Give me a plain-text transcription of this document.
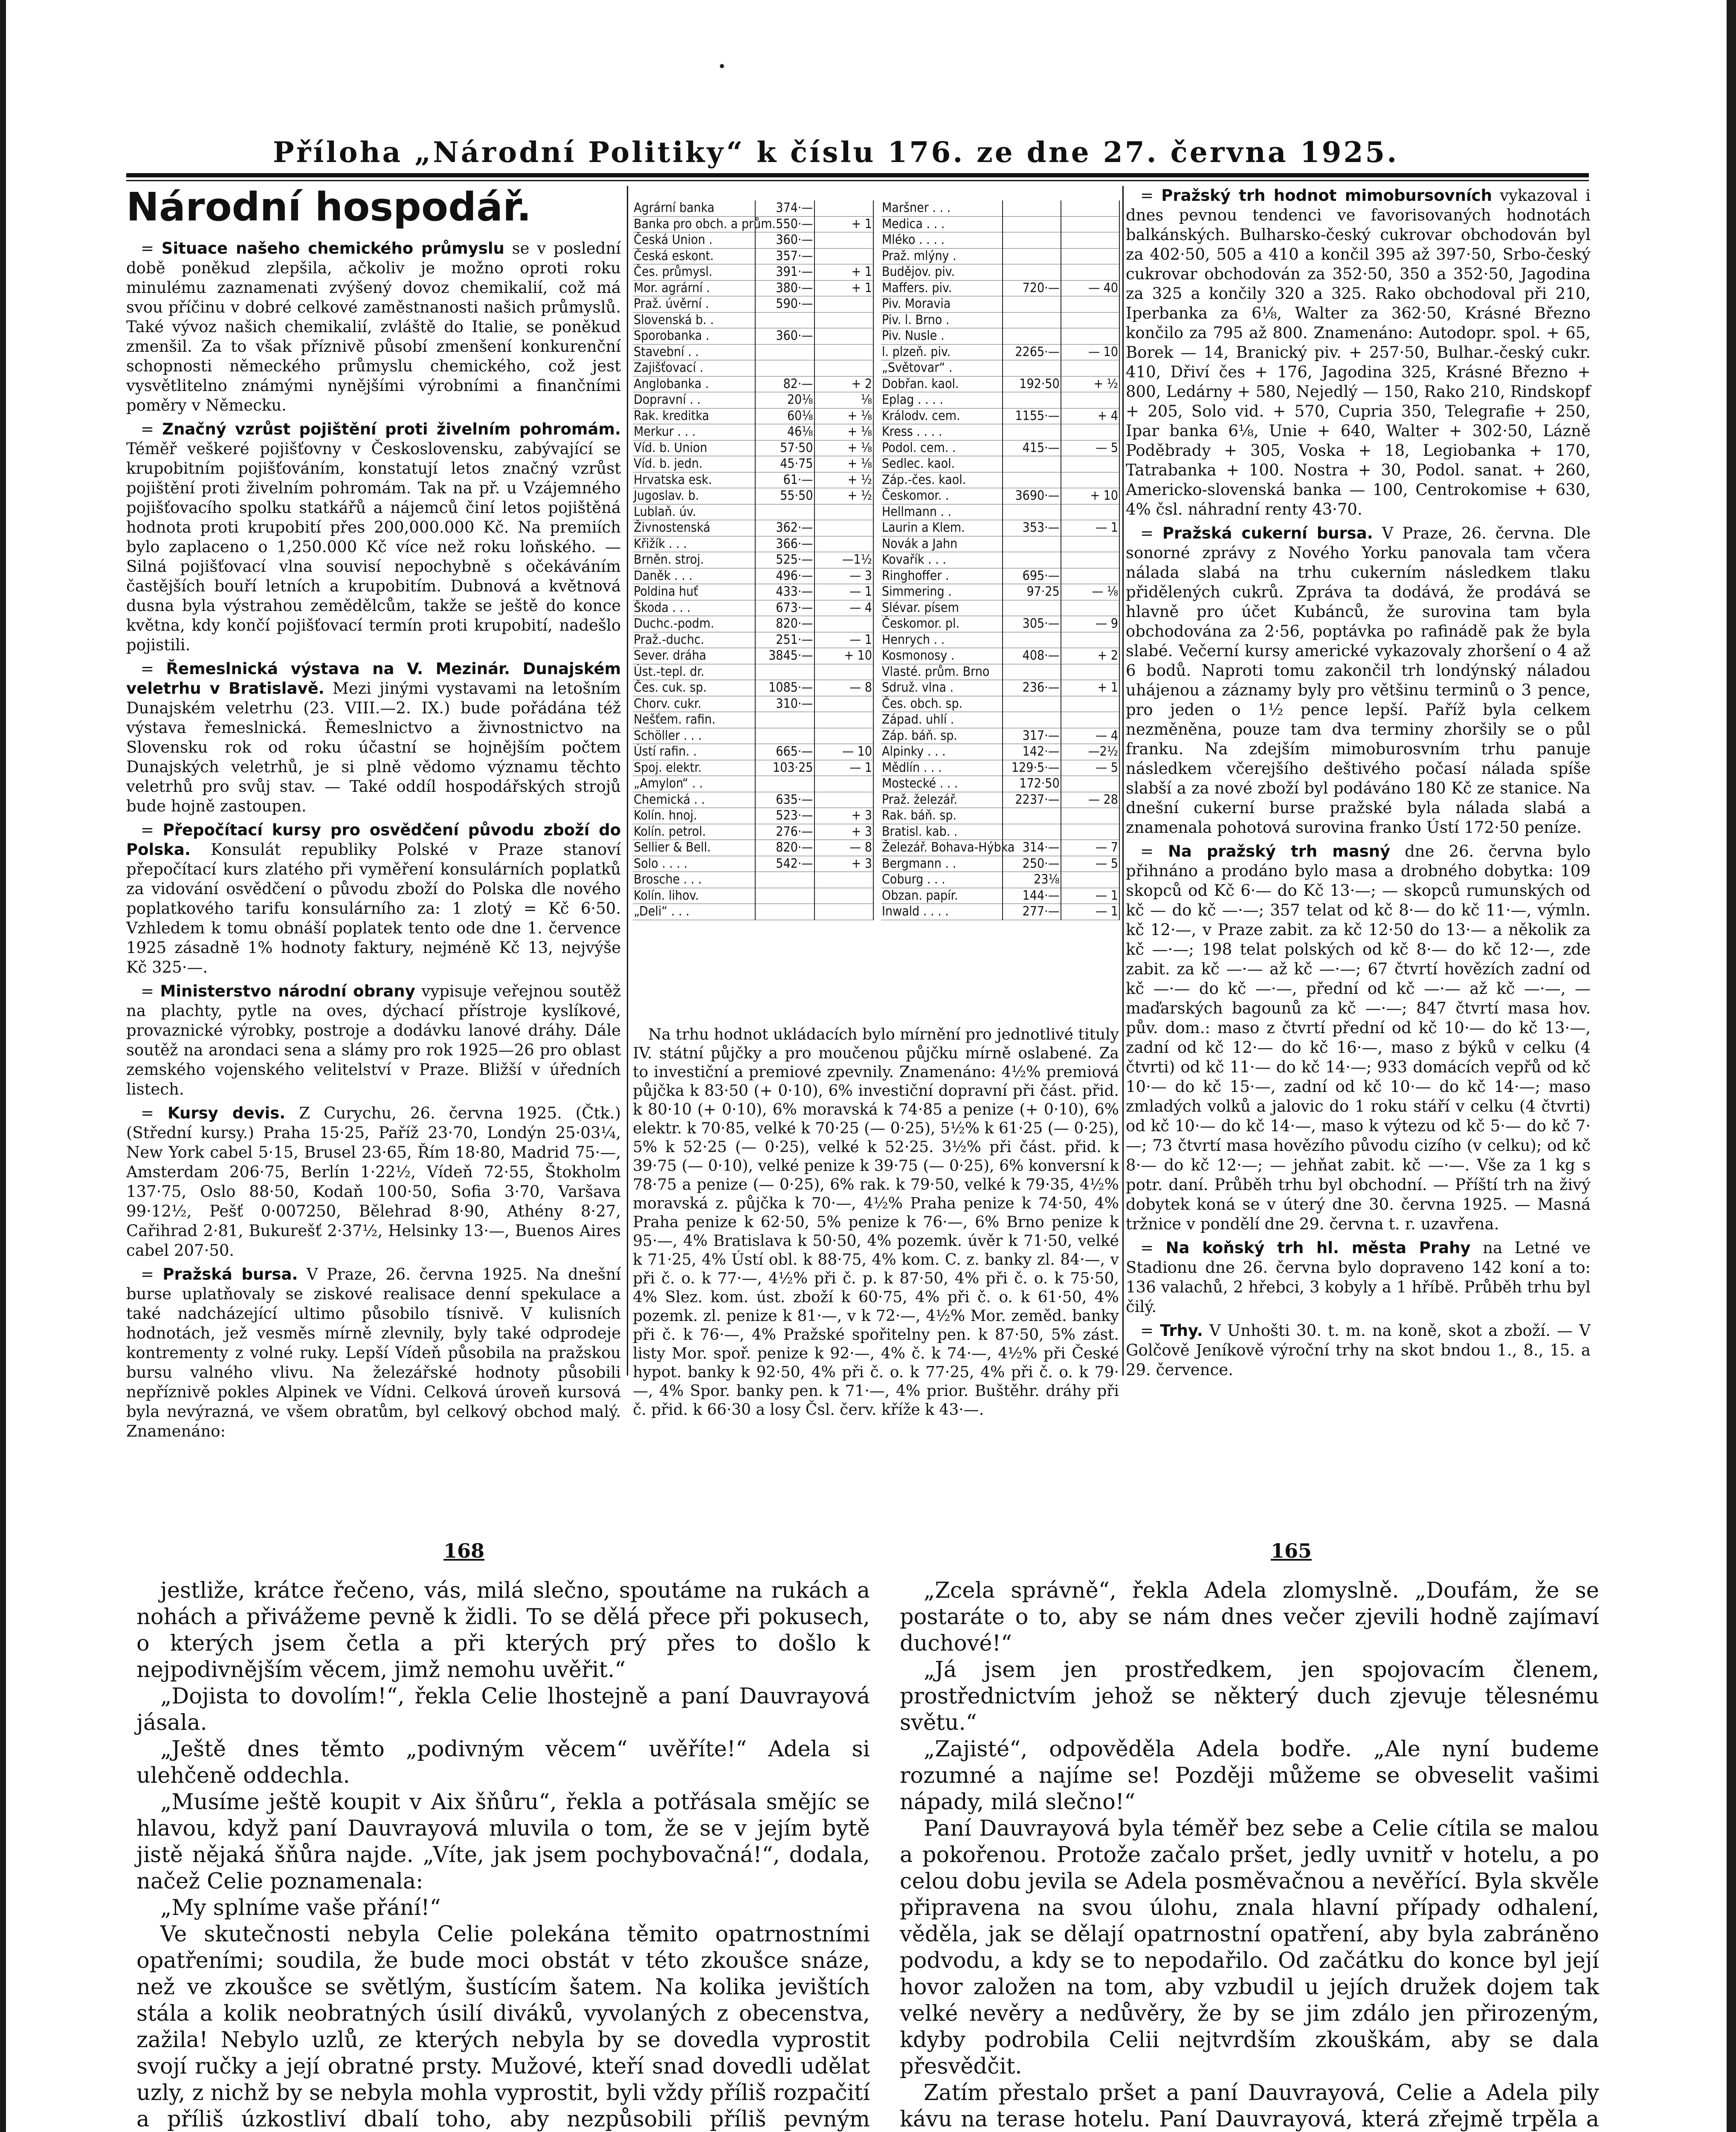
Příloha „Národní Politiky“ k číslu 176. ze dne 27. června 1925.
Národní hospodář.

= Situace našeho chemického průmyslu se v poslední době poněkud zlepšila, ačkoliv je možno oproti roku minulému zaznamenati zvýšený dovoz chemikalií, což má svou příčinu v dobré celkové zaměstnanosti našich průmyslů. Také vývoz našich chemikalií, zvláště do Italie, se poněkud zmenšil. Za to však příznivě působí zmenšení konkurenční schopnosti německého průmyslu chemického, což jest vysvětlitelno známými nynějšími výrobními a finančními poměry v Německu.

= Značný vzrůst pojištění proti živelním pohromám. Téměř veškeré pojišťovny v Československu, zabývající se krupobitním pojišťováním, konstatují letos značný vzrůst pojištění proti živelním pohromám. Tak na př. u Vzájemného pojišťovacího spolku statkářů a nájemců činí letos pojištěná hodnota proti krupobití přes 200,000.000 Kč. Na premiích bylo zaplaceno o 1,250.000 Kč více než roku loňského. — Silná pojišťovací vlna souvisí nepochybně s očekáváním častějších bouří letních a krupobitím. Dubnová a květnová dusna byla výstrahou zemědělcům, takže se ještě do konce května, kdy končí pojišťovací termín proti krupobití, nadešlo pojistili.

= Řemeslnická výstava na V. Mezinár. Dunajském veletrhu v Bratislavě. Mezi jinými vystavami na letošním Dunajském veletrhu (23. VIII.—2. IX.) bude pořádána též výstava řemeslnická. Řemeslnictvo a živnostnictvo na Slovensku rok od roku účastní se hojnějším počtem Dunajských veletrhů, je si plně vědomo významu těchto veletrhů pro svůj stav. — Také oddíl hospodářských strojů bude hojně zastoupen.

= Přepočítací kursy pro osvědčení původu zboží do Polska. Konsulát republiky Polské v Praze stanoví přepočítací kurs zlatého při vyměření konsulárních poplatků za vidování osvědčení o původu zboží do Polska dle nového poplatkového tarifu konsulárního za: 1 zlotý = Kč 6·50. Vzhledem k tomu obnáší poplatek tento ode dne 1. července 1925 zásadně 1% hodnoty faktury, nejméně Kč 13, nejvýše Kč 325·—.

= Ministerstvo národní obrany vypisuje veřejnou soutěž na plachty, pytle na oves, dýchací přístroje kyslíkové, provaznické výrobky, postroje a dodávku lanové dráhy. Dále soutěž na arondaci sena a slámy pro rok 1925—26 pro oblast zemského vojenského velitelství v Praze. Bližší v úředních listech.

= Kursy devis. Z Curychu, 26. června 1925. (Čtk.) (Střední kursy.) Praha 15·25, Paříž 23·70, Londýn 25·03¼, New York cabel 5·15, Brusel 23·65, Řím 18·80, Madrid 75·—, Amsterdam 206·75, Berlín 1·22½, Vídeň 72·55, Štokholm 137·75, Oslo 88·50, Kodaň 100·50, Sofia 3·70, Varšava 99·12½, Pešť 0·007250, Bělehrad 8·90, Athény 8·27, Cařihrad 2·81, Bukurešť 2·37½, Helsinky 13·—, Buenos Aires cabel 207·50.

= Pražská bursa. V Praze, 26. června 1925. Na dnešní burse uplatňovaly se ziskové realisace denní spekulace a také nadcházející ultimo působilo tísnivě. V kulisních hodnotách, jež vesměs mírně zlevnily, byly také odprodeje kontrementy z volné ruky. Lepší Vídeň působila na pražskou bursu valného vlivu. Na železářské hodnoty působili nepříznivě pokles Alpinek ve Vídni. Celková úroveň kursová byla nevýrazná, ve všem obratům, byl celkový obchod malý. Znamenáno:

Agrární banka	374·—	
Banka pro obch. a prům.	550·—	+ 1
Česká Union .	360·—	
Česká eskont.	357·—	
Čes. průmysl.	391·—	+ 1
Mor. agrární .	380·—	+ 1
Praž. úvěrní .	590·—	
Slovenská b. .		
Sporobanka .	360·—	
Stavební . .		
Zajišťovací .		
Anglobanka .	82·—	+ 2
Dopravní . .	20⅛	⅛
Rak. kreditka	60⅛	+ ⅛
Merkur . . .	46⅛	+ ⅛
Víd. b. Union	57·50	+ ⅛
Víd. b. jedn.	45·75	+ ⅛
Hrvatska esk.	61·—	+ ½
Jugoslav. b.	55·50	+ ½
Lublaň. úv.		
Živnostenská	362·—	
Křižík . . .	366·—	
Brněn. stroj.	525·—	—1½
Daněk . . .	496·—	— 3
Poldina huť	433·—	— 1
Škoda . . .	673·—	— 4
Duchc.-podm.	820·—	
Praž.-duchc.	251·—	— 1
Sever. dráha	3845·—	+ 10
Úst.-tepl. dr.		
Čes. cuk. sp.	1085·—	— 8
Chorv. cukr.	310·—	
Nešťem. rafin.		
Schöller . . .		
Ústí rafin. .	665·—	— 10
Spoj. elektr.	103·25	— 1
„Amylon“ . .		
Chemická . .	635·—	
Kolín. hnoj.	523·—	+ 3
Kolín. petrol.	276·—	+ 3
Sellier & Bell.	820·—	— 8
Solo . . . .	542·—	+ 3
Brosche . . .		
Kolín. lihov.		
„Deli“ . . .		
Maršner . . .		
Medica . . .		
Mléko . . . .		
Praž. mlýny .		
Budějov. piv.		
Maffers. piv.	720·—	— 40
Piv. Moravia		
Piv. l. Brno .		
Piv. Nusle .		
l. plzeň. piv.	2265·—	— 10
„Světovar“ .		
Dobřan. kaol.	192·50	+ ½
Eplag . . . .		
Králodv. cem.	1155·—	+ 4
Kress . . . .		
Podol. cem. .	415·—	— 5
Sedlec. kaol.		
Záp.-čes. kaol.		
Českomor. .	3690·—	+ 10
Hellmann . .		
Laurin a Klem.	353·—	— 1
Novák a Jahn		
Kovařík . . .		
Ringhoffer .	695·—	
Simmering .	97·25	— ⅛
Slévar. písem		
Českomor. pl.	305·—	— 9
Henrych . .		
Kosmonosy .	408·—	+ 2
Vlasté. prům. Brno		
Sdruž. vlna .	236·—	+ 1
Čes. obch. sp.		
Západ. uhlí .		
Záp. báň. sp.	317·—	— 4
Alpinky . . .	142·—	—2½
Mědlín . . .	129·5·—	— 5
Mostecké . . .	172·50	
Praž. železář.	2237·—	— 28
Rak. báň. sp.		
Bratisl. kab. .		
Železář. Bohava-Hýbka	314·—	— 7
Bergmann . .	250·—	— 5
Coburg . . .	23⅛	
Obzan. papír.	144·—	— 1
Inwald . . . .	277·—	— 1

Na trhu hodnot ukládacích bylo mírnění pro jednotlivé tituly IV. státní půjčky a pro moučenou půjčku mírně oslabené. Za to investiční a premiové zpevnily. Znamenáno: 4½% premiová půjčka k 83·50 (+ 0·10), 6% investiční dopravní při část. přid. k 80·10 (+ 0·10), 6% moravská k 74·85 a penize (+ 0·10), 6% elektr. k 70·85, velké k 70·25 (— 0·25), 5½% k 61·25 (— 0·25), 5% k 52·25 (— 0·25), velké k 52·25. 3½% při část. přid. k 39·75 (— 0·10), velké penize k 39·75 (— 0·25), 6% konversní k 78·75 a penize (— 0·25), 6% rak. k 79·50, velké k 79·35, 4½% moravská z. půjčka k 70·—, 4½% Praha penize k 74·50, 4% Praha penize k 62·50, 5% penize k 76·—, 6% Brno penize k 95·—, 4% Bratislava k 50·50, 4% pozemk. úvěr k 71·50, velké k 71·25, 4% Ústí obl. k 88·75, 4% kom. C. z. banky zl. 84·—, v při č. o. k 77·—, 4½% při č. p. k 87·50, 4% při č. o. k 75·50, 4% Slez. kom. úst. zboží k 60·75, 4% při č. o. k 61·50, 4% pozemk. zl. penize k 81·—, v k 72·—, 4½% Mor. zeměd. banky při č. k 76·—, 4% Pražské spořitelny pen. k 87·50, 5% zást. listy Mor. spoř. penize k 92·—, 4% č. k 74·—, 4½% při České hypot. banky k 92·50, 4% při č. o. k 77·25, 4% při č. o. k 79·—, 4% Spor. banky pen. k 71·—, 4% prior. Buštěhr. dráhy při č. přid. k 66·30 a losy Čsl. červ. kříže k 43·—.

= Pražský trh hodnot mimobursovních vykazoval i dnes pevnou tendenci ve favorisovaných hodnotách balkánských. Bulharsko-český cukrovar obchodován byl za 402·50, 505 a 410 a končil 395 až 397·50, Srbo-český cukrovar obchodován za 352·50, 350 a 352·50, Jagodina za 325 a končily 320 a 325. Rako obchodoval při 210, Iperbanka za 6⅛, Walter za 362·50, Krásné Březno končilo za 795 až 800. Znamenáno: Autodopr. spol. + 65, Borek — 14, Branický piv. + 257·50, Bulhar.-český cukr. 410, Dřiví čes + 176, Jagodina 325, Krásné Březno + 800, Ledárny + 580, Nejedlý — 150, Rako 210, Rindskopf + 205, Solo vid. + 570, Cupria 350, Telegrafie + 250, Ipar banka 6⅛, Unie + 640, Walter + 302·50, Lázně Poděbrady + 305, Voska + 18, Legiobanka + 170, Tatrabanka + 100. Nostra + 30, Podol. sanat. + 260, Americko-slovenská banka — 100, Centrokomise + 630, 4% čsl. náhradní renty 43·70.

= Pražská cukerní bursa. V Praze, 26. června. Dle sonorné zprávy z Nového Yorku panovala tam včera nálada slabá na trhu cukerním následkem tlaku přidělených cukrů. Zpráva ta dodává, že prodává se hlavně pro účet Kubánců, že surovina tam byla obchodována za 2·56, poptávka po rafinádě pak že byla slabé. Večerní kursy americké vykazovaly zhoršení o 4 až 6 bodů. Naproti tomu zakončil trh londýnský náladou uhájenou a záznamy byly pro většinu terminů o 3 pence, pro jeden o 1½ pence lepší. Paříž byla celkem nezměněna, pouze tam dva terminy zhoršily se o půl franku. Na zdejším mimoburosvním trhu panuje následkem včerejšího deštivého počasí nálada spíše slabší a za nové zboží byl podáváno 180 Kč ze stanice. Na dnešní cukerní burse pražské byla nálada slabá a znamenala pohotová surovina franko Ústí 172·50 peníze.

= Na pražský trh masný dne 26. června bylo přihnáno a prodáno bylo masa a drobného dobytka: 109 skopců od Kč 6·— do Kč 13·—; — skopců rumunských od kč — do kč —·—; 357 telat od kč 8·— do kč 11·—, výmln. kč 12·—, v Praze zabit. za kč 12·50 do 13·— a několik za kč —·—; 198 telat polských od kč 8·— do kč 12·—, zde zabit. za kč —·— až kč —·—; 67 čtvrtí hovězích zadní od kč —·— do kč —·—, přední od kč —·— až kč —·—, — maďarských bagounů za kč —·—; 847 čtvrtí masa hov. pův. dom.: maso z čtvrtí přední od kč 10·— do kč 13·—, zadní od kč 12·— do kč 16·—, maso z býků v celku (4 čtvrti) od kč 11·— do kč 14·—; 933 domácích vepřů od kč 10·— do kč 15·—, zadní od kč 10·— do kč 14·—; maso zmladých volků a jalovic do 1 roku stáří v celku (4 čtvrti) od kč 10·— do kč 14·—, maso k výtezu od kč 5·— do kč 7·—; 73 čtvrtí masa hovězího původu cizího (v celku); od kč 8·— do kč 12·—; — jehňat zabit. kč —·—. Vše za 1 kg s potr. daní. Průběh trhu byl obchodní. — Příští trh na živý dobytek koná se v úterý dne 30. června 1925. — Masná tržnice v pondělí dne 29. června t. r. uzavřena.

= Na koňský trh hl. města Prahy na Letné ve Stadionu dne 26. června bylo dopraveno 142 koní a to: 136 valachů, 2 hřebci, 3 kobyly a 1 hříbě. Průběh trhu byl čilý.

= Trhy. V Unhošti 30. t. m. na koně, skot a zboží. — V Golčově Jeníkově výroční trhy na skot bndou 1., 8., 15. a 29. července.

168	165

jestliže, krátce řečeno, vás, milá slečno, spoutáme na rukách a nohách a přivážeme pevně k židli. To se dělá přece při pokusech, o kterých jsem četla a při kterých prý přes to došlo k nejpodivnějším věcem, jimž nemohu uvěřit.“

„Dojista to dovolím!“, řekla Celie lhostejně a paní Dauvrayová jásala.

„Ještě dnes těmto „podivným věcem“ uvěříte!“ Adela si ulehčeně oddechla.

„Musíme ještě koupit v Aix šňůru“, řekla a potřásala smějíc se hlavou, když paní Dauvrayová mluvila o tom, že se v jejím bytě jistě nějaká šňůra najde. „Víte, jak jsem pochybovačná!“, dodala, načež Celie poznamenala:

„My splníme vaše přání!“

Ve skutečnosti nebyla Celie polekána těmito opatrnostními opatřeními; soudila, že bude moci obstát v této zkoušce snáze, než ve zkoušce se světlým, šustícím šatem. Na kolika jevištích stála a kolik neobratných úsilí diváků, vyvolaných z obecenstva, zažila! Nebylo uzlů, ze kterých nebyla by se dovedla vyprostit svojí ručky a její obratné prsty. Mužové, kteří snad dovedli udělat uzly, z nichž by se nebyla mohla vyprostit, byli vždy příliš rozpačití a příliš úzkostliví dbalí toho, aby nezpůsobili příliš pevným

„Zcela správně“, řekla Adela zlomyslně. „Doufám, že se postaráte o to, aby se nám dnes večer zjevili hodně zajímaví duchové!“

„Já jsem jen prostředkem, jen spojovacím členem, prostřednictvím jehož se některý duch zjevuje tělesnému světu.“

„Zajisté“, odpověděla Adela bodře. „Ale nyní budeme rozumné a najíme se! Později můžeme se obveselit vašimi nápady, milá slečno!“

Paní Dauvrayová byla téměř bez sebe a Celie cítila se malou a pokořenou. Protože začalo pršet, jedly uvnitř v hotelu, a po celou dobu jevila se Adela posměvačnou a nevěřící. Byla skvěle připravena na svou úlohu, znala hlavní případy odhalení, věděla, jak se dělají opatrnostní opatření, aby byla zabráněno podvodu, a kdy se to nepodařilo. Od začátku do konce byl její hovor založen na tom, aby vzbudil u jejích družek dojem tak velké nevěry a nedůvěry, že by se jim zdálo jen přirozeným, kdyby podrobila Celii nejtvrdším zkouškám, aby se dala přesvědčit.

Zatím přestalo pršet a paní Dauvrayová, Celie a Adela pily kávu na terase hotelu. Paní Dauvrayová, která zřejmě trpěla a
